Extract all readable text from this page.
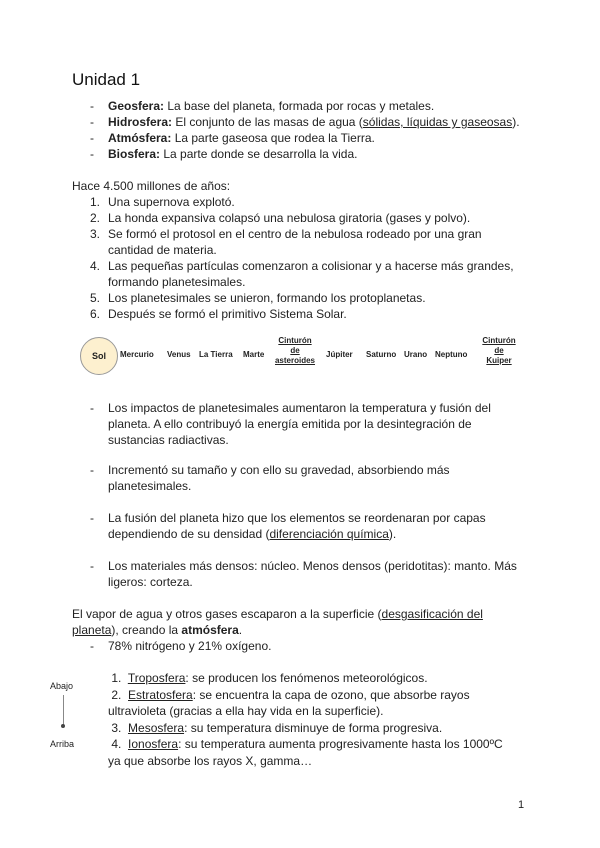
Unidad 1
- Geosfera: La base del planeta, formada por rocas y metales.
- Hidrosfera: El conjunto de las masas de agua (sólidas, líquidas y gaseosas).
- Atmósfera: La parte gaseosa que rodea la Tierra.
- Biosfera: La parte donde se desarrolla la vida.
Hace 4.500 millones de años:
1. Una supernova explotó.
2. La honda expansiva colapsó una nebulosa giratoria (gases y polvo).
3. Se formó el protosol en el centro de la nebulosa rodeado por una gran cantidad de materia.
4. Las pequeñas partículas comenzaron a colisionar y a hacerse más grandes, formando planetesimales.
5. Los planetesimales se unieron, formando los protoplanetas.
6. Después se formó el primitivo Sistema Solar.
Sol	Mercurio Venus La Tierra Marte
Cinturón
de
asteroides
Júpiter Saturno Urano Neptuno
Cinturón
de
Kuiper
- Los impactos de planetesimales aumentaron la temperatura y fusión del planeta. A ello contribuyó la energía emitida por la desintegración de sustancias radiactivas.
- Incrementó su tamaño y con ello su gravedad, absorbiendo más planetesimales.
- La fusión del planeta hizo que los elementos se reordenaran por capas dependiendo de su densidad (diferenciación química).
- Los materiales más densos: núcleo. Menos densos (peridotitas): manto. Más ligeros: corteza.
El vapor de agua y otros gases escaparon a la superficie (desgasificación del planeta), creando la atmósfera.
- 78% nitrógeno y 21% oxígeno.
Abajo
Arriba
1. Troposfera: se producen los fenómenos meteorológicos.
2. Estratosfera: se encuentra la capa de ozono, que absorbe rayos ultravioleta (gracias a ella hay vida en la superficie).
3. Mesosfera: su temperatura disminuye de forma progresiva.
4. Ionosfera: su temperatura aumenta progresivamente hasta los 1000ºC ya que absorbe los rayos X, gamma…
1
